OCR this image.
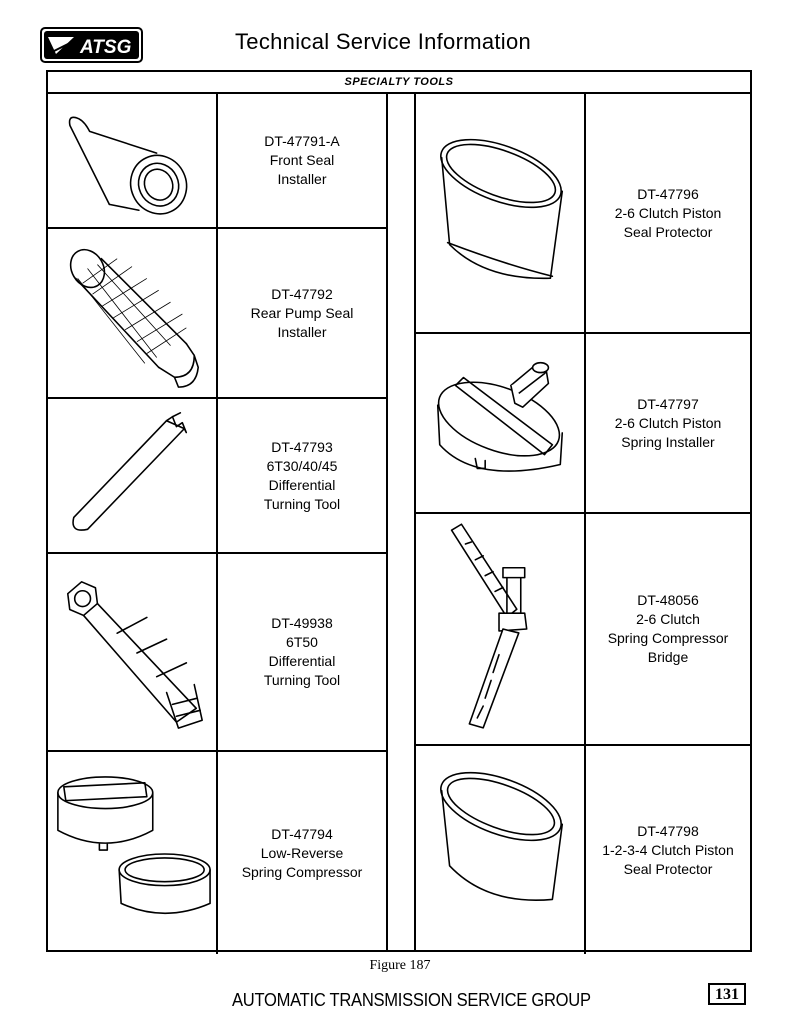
ATSG	Technical Service Information
SPECIALTY TOOLS
DT-47791-A
Front Seal
Installer
DT-47792
Rear Pump Seal
Installer
DT-47793
6T30/40/45
Differential
Turning Tool
DT-49938
6T50
Differential
Turning Tool
DT-47794
Low-Reverse
Spring Compressor
DT-47796
2-6 Clutch Piston
Seal Protector
DT-47797
2-6 Clutch Piston
Spring Installer
DT-48056
2-6 Clutch
Spring Compressor
Bridge
DT-47798
1-2-3-4 Clutch Piston
Seal Protector
Figure 187
AUTOMATIC TRANSMISSION SERVICE GROUP	131
